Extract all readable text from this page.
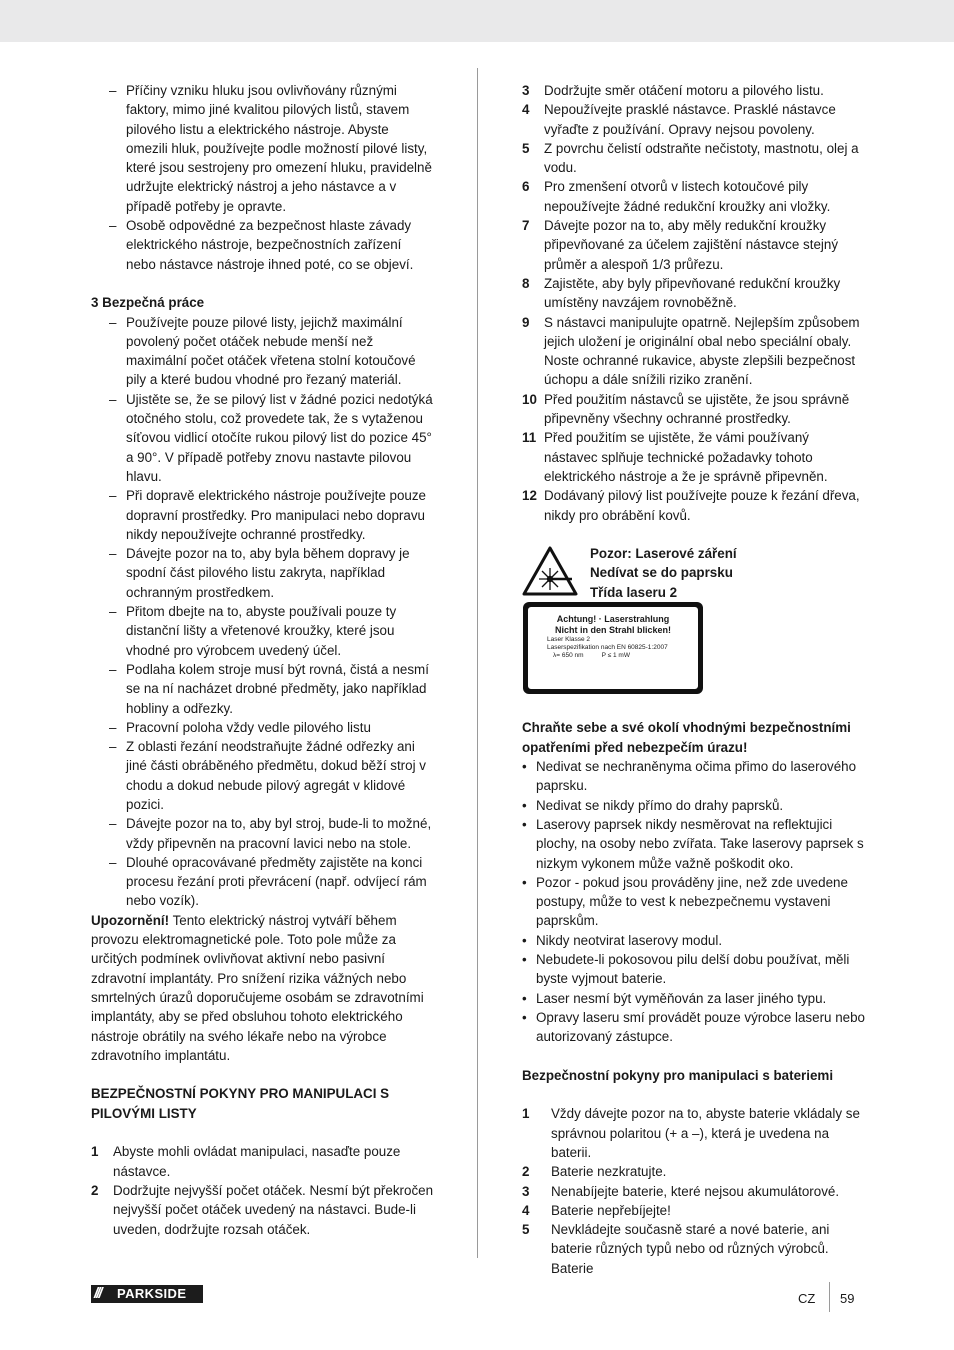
– Příčiny vzniku hluku jsou ovlivňovány různými faktory, mimo jiné kvalitou pilových listů, stavem pilového listu a elektrického nástroje. Abyste omezili hluk, používejte podle možností pilové listy, které jsou sestrojeny pro omezení hluku, pravidelně udržujte elektrický nástroj a jeho nástavce a v případě potřeby je opravte.
– Osobě odpovědné za bezpečnost hlaste závady elektrického nástroje, bezpečnostních zařízení nebo nástavce nástroje ihned poté, co se objeví.
3 Bezpečná práce
– Používejte pouze pilové listy, jejichž maximální povolený počet otáček nebude menší než maximální počet otáček vřetena stolní kotoučové pily a které budou vhodné pro řezaný materiál.
– Ujistěte se, že se pilový list v žádné pozici nedotýká otočného stolu, což provedete tak, že s vytaženou síťovou vidlicí otočíte rukou pilový list do pozice 45° a 90°. V případě potřeby znovu nastavte pilovou hlavu.
– Při dopravě elektrického nástroje používejte pouze dopravní prostředky. Pro manipulaci nebo dopravu nikdy nepoužívejte ochranné prostředky.
– Dávejte pozor na to, aby byla během dopravy je spodní část pilového listu zakryta, například ochranným prostředkem.
– Přitom dbejte na to, abyste používali pouze ty distanční lišty a vřetenové kroužky, které jsou vhodné pro výrobcem uvedený účel.
– Podlaha kolem stroje musí být rovná, čistá a nesmí se na ní nacházet drobné předměty, jako například hobliny a odřezky.
– Pracovní poloha vždy vedle pilového listu
– Z oblasti řezání neodstraňujte žádné odřezky ani jiné části obráběného předmětu, dokud běží stroj v chodu a dokud nebude pilový agregát v klidové pozici.
– Dávejte pozor na to, aby byl stroj, bude-li to možné, vždy připevněn na pracovní lavici nebo na stole.
– Dlouhé opracovávané předměty zajistěte na konci procesu řezání proti převrácení (např. odvíjecí rám nebo vozík).
Upozornění! Tento elektrický nástroj vytváří během provozu elektromagnetické pole. Toto pole může za určitých podmínek ovlivňovat aktivní nebo pasivní zdravotní implantáty. Pro snížení rizika vážných nebo smrtelných úrazů doporučujeme osobám se zdravotními implantáty, aby se před obsluhou tohoto elektrického nástroje obrátily na svého lékaře nebo na výrobce zdravotního implantátu.
BEZPEČNOSTNÍ POKYNY PRO MANIPULACI S PILOVÝMI LISTY
1 Abyste mohli ovládat manipulaci, nasaďte pouze nástavce.
2 Dodržujte nejvyšší počet otáček. Nesmí být překročen nejvyšší počet otáček uvedený na nástavci. Bude-li uveden, dodržujte rozsah otáček.
3 Dodržujte směr otáčení motoru a pilového listu.
4 Nepoužívejte prasklé nástavce. Prasklé nástavce vyřaďte z používání. Opravy nejsou povoleny.
5 Z povrchu čelistí odstraňte nečistoty, mastnotu, olej a vodu.
6 Pro zmenšení otvorů v listech kotoučové pily nepoužívejte žádné redukční kroužky ani vložky.
7 Dávejte pozor na to, aby měly redukční kroužky připevňované za účelem zajištění nástavce stejný průměr a alespoň 1/3 průřezu.
8 Zajistěte, aby byly připevňované redukční kroužky umístěny navzájem rovnoběžně.
9 S nástavci manipulujte opatrně. Nejlepším způsobem jejich uložení je originální obal nebo speciální obaly. Noste ochranné rukavice, abyste zlepšili bezpečnost úchopu a dále snížili riziko zranění.
10 Před použitím nástavců se ujistěte, že jsou správně připevněny všechny ochranné prostředky.
11 Před použitím se ujistěte, že vámi používaný nástavec splňuje technické požadavky tohoto elektrického nástroje a že je správně připevněn.
12 Dodávaný pilový list používejte pouze k řezání dřeva, nikdy pro obrábění kovů.
Pozor: Laserové záření
Nedívat se do paprsku
Třída laseru 2
Achtung! · Laserstrahlung
Nicht in den Strahl blicken!
Laser Klasse 2
Laserspezifikation nach EN 60825-1:2007
λ= 650 nm          P ≤ 1 mW
Chraňte sebe a své okolí vhodnými bezpečnostními opatřeními před nebezpečím úrazu!
• Nedivat se nechraněnyma očima přimo do laserového paprsku.
• Nedivat se nikdy přímo do drahy paprsků.
• Laserovy paprsek nikdy nesměrovat na reflektujici plochy, na osoby nebo zvířata. Take laserovy paprsek s nizkym vykonem může važně poškodit oko.
• Pozor - pokud jsou prováděny jine, než zde uvedene postupy, může to vest k nebezpečnemu vystaveni paprskům.
• Nikdy neotvirat laserovy modul.
• Nebudete-li pokosovou pilu delší dobu používat, měli byste vyjmout baterie.
• Laser nesmí být vyměňován za laser jiného typu.
• Opravy laseru smí provádět pouze výrobce laseru nebo autorizovaný zástupce.
Bezpečnostní pokyny pro manipulaci s bateriemi
1 Vždy dávejte pozor na to, abyste baterie vkládaly se správnou polaritou (+ a –), která je uvedena na baterii.
2 Baterie nezkratujte.
3 Nenabíjejte baterie, které nejsou akumulátorové.
4 Baterie nepřebíjejte!
5 Nevkládejte současně staré a nové baterie, ani baterie různých typů nebo od různých výrobců. Baterie
/// PARKSIDE	CZ 59
